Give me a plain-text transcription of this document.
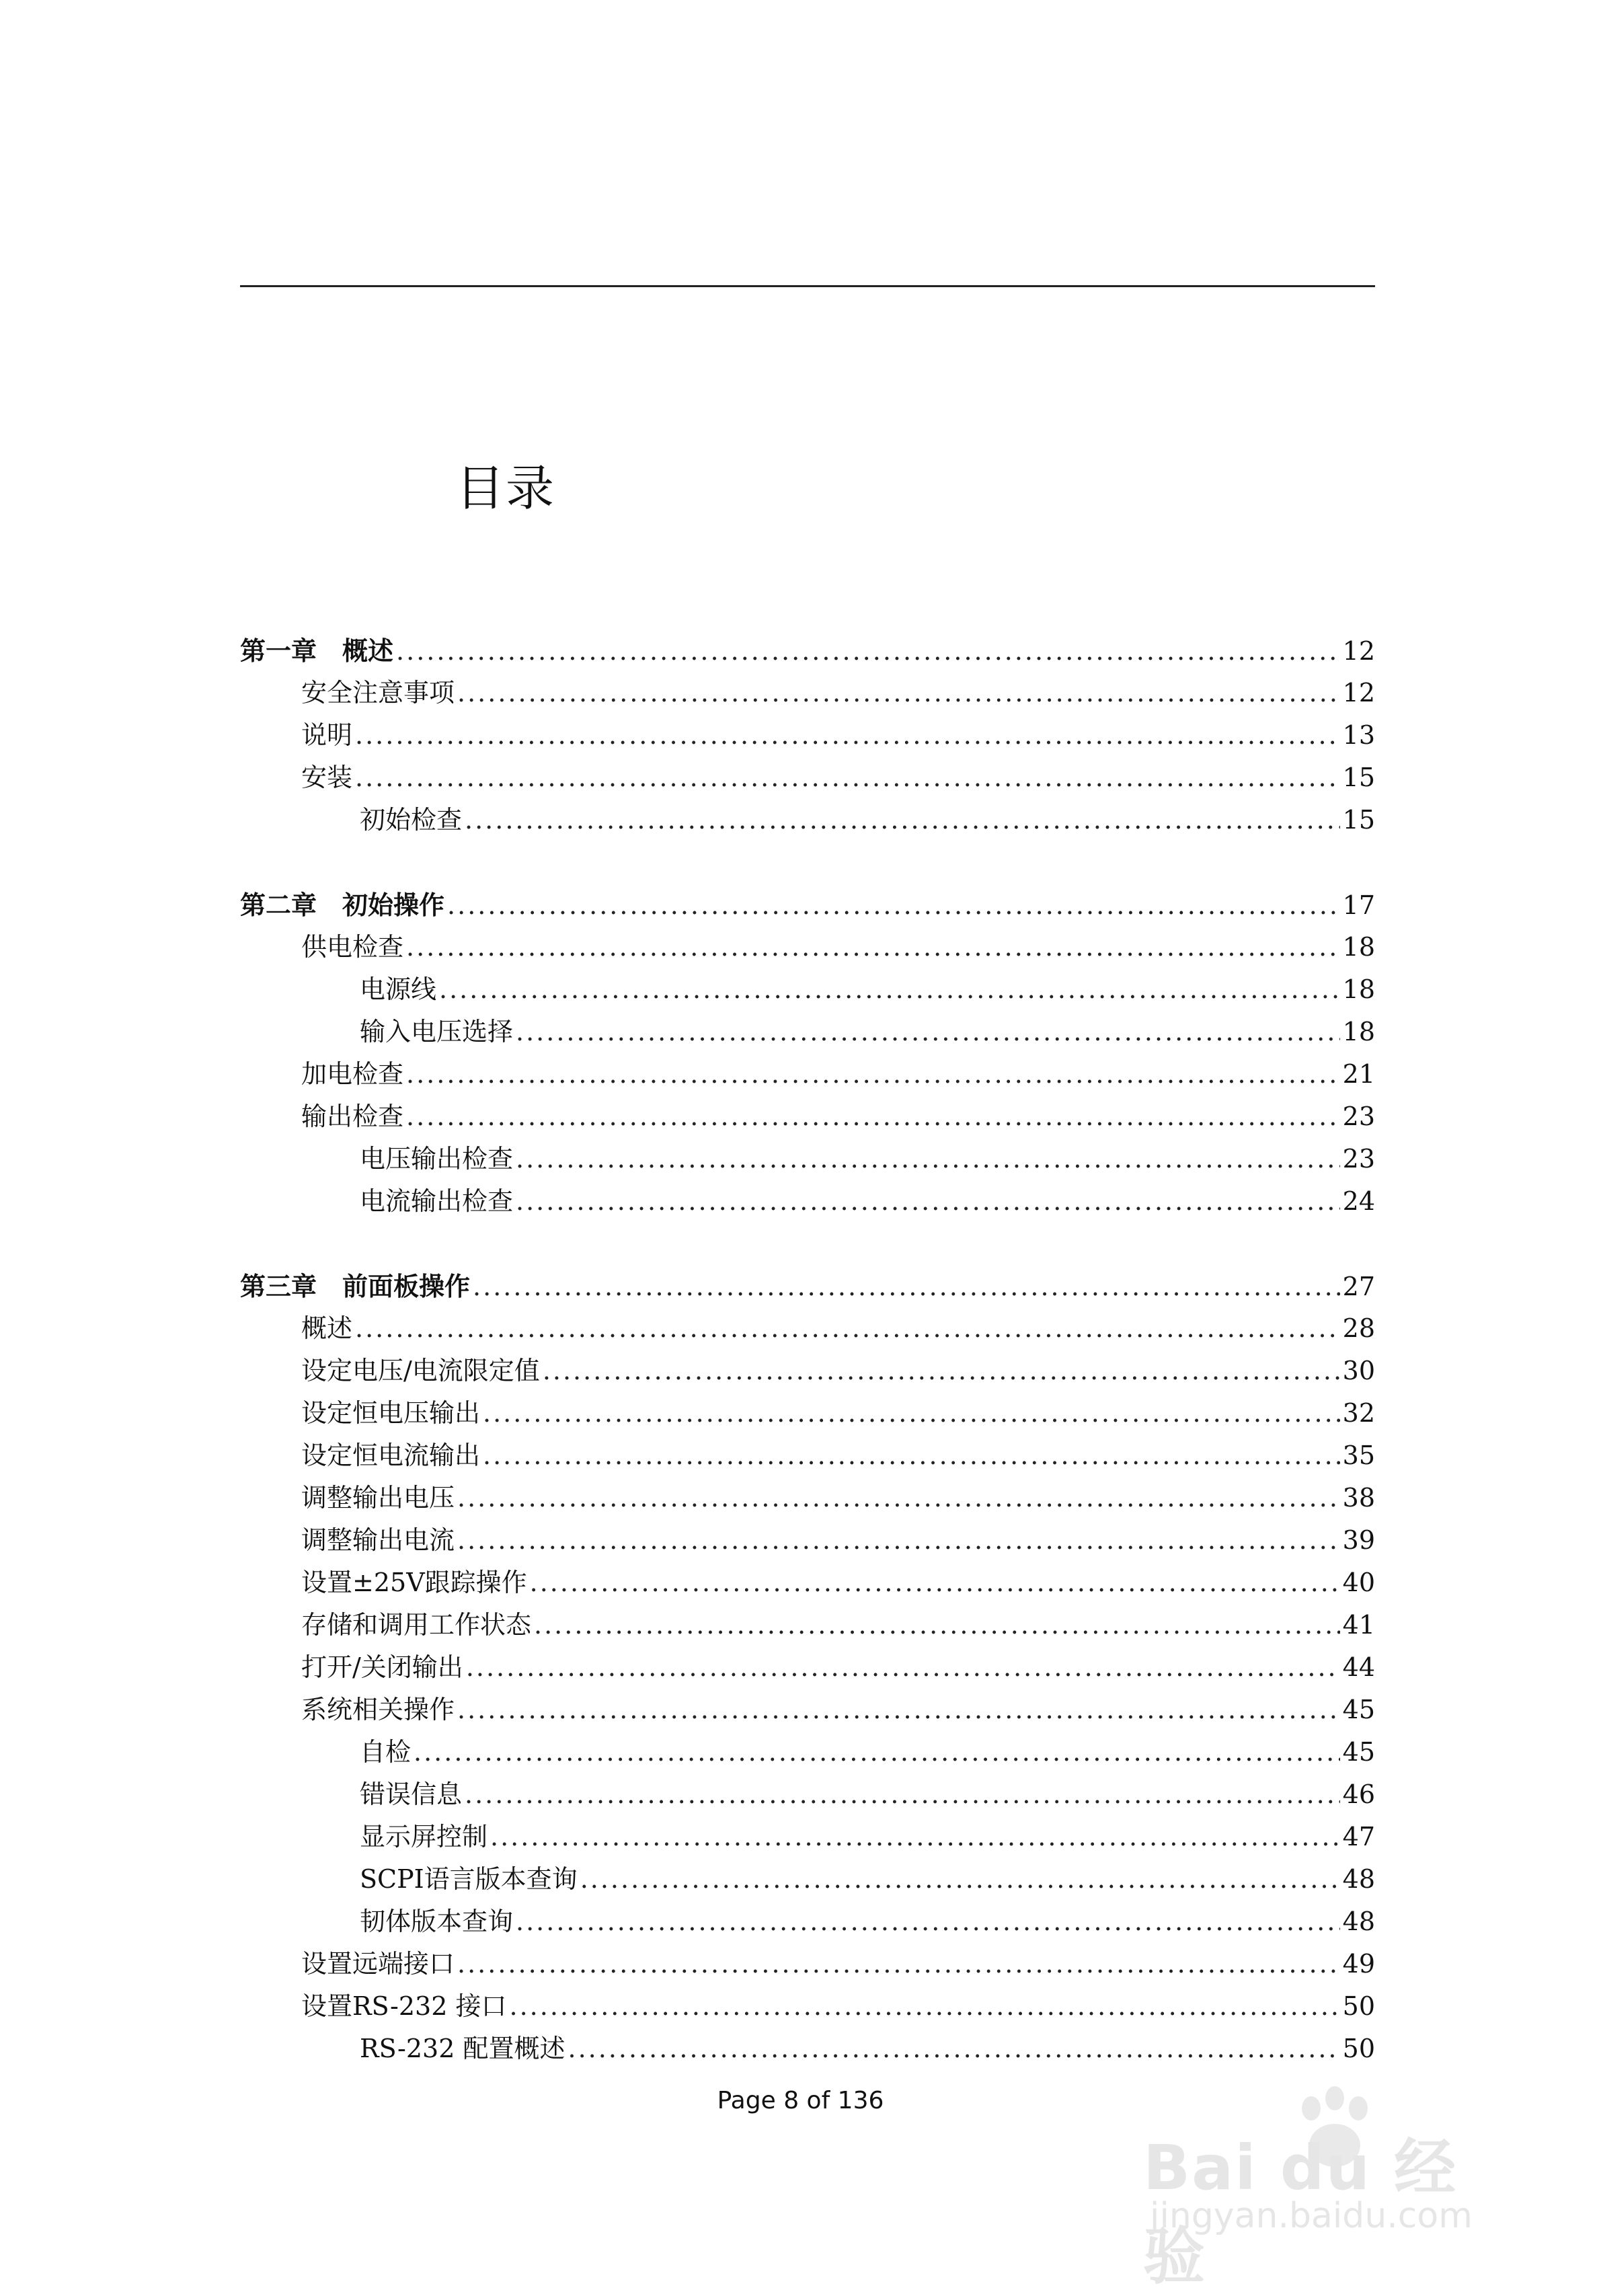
目录
第一章 概述 .....	12
安全注意事项 .....	12
说明 .....	13
安装 .....	15
初始检查 .....	15
第二章 初始操作 .....	17
供电检查 .....	18
电源线 .....	18
输入电压选择 .....	18
加电检查 .....	21
输出检查 .....	23
电压输出检查 .....	23
电流输出检查 .....	24
第三章 前面板操作 .....	27
概述 .....	28
设定电压/电流限定值 .....	30
设定恒电压输出 .....	32
设定恒电流输出 .....	35
调整输出电压 .....	38
调整输出电流 .....	39
设置±25V跟踪操作 .....	40
存储和调用工作状态 .....	41
打开/关闭输出 .....	44
系统相关操作 .....	45
自检 .....	45
错误信息 .....	46
显示屏控制 .....	47
SCPI语言版本查询 .....	48
韧体版本查询 .....	48
设置远端接口 .....	49
设置RS-232 接口 .....	50
RS-232 配置概述 .....	50
Page 8 of 136
Bai du 经验
jingyan.baidu.com
